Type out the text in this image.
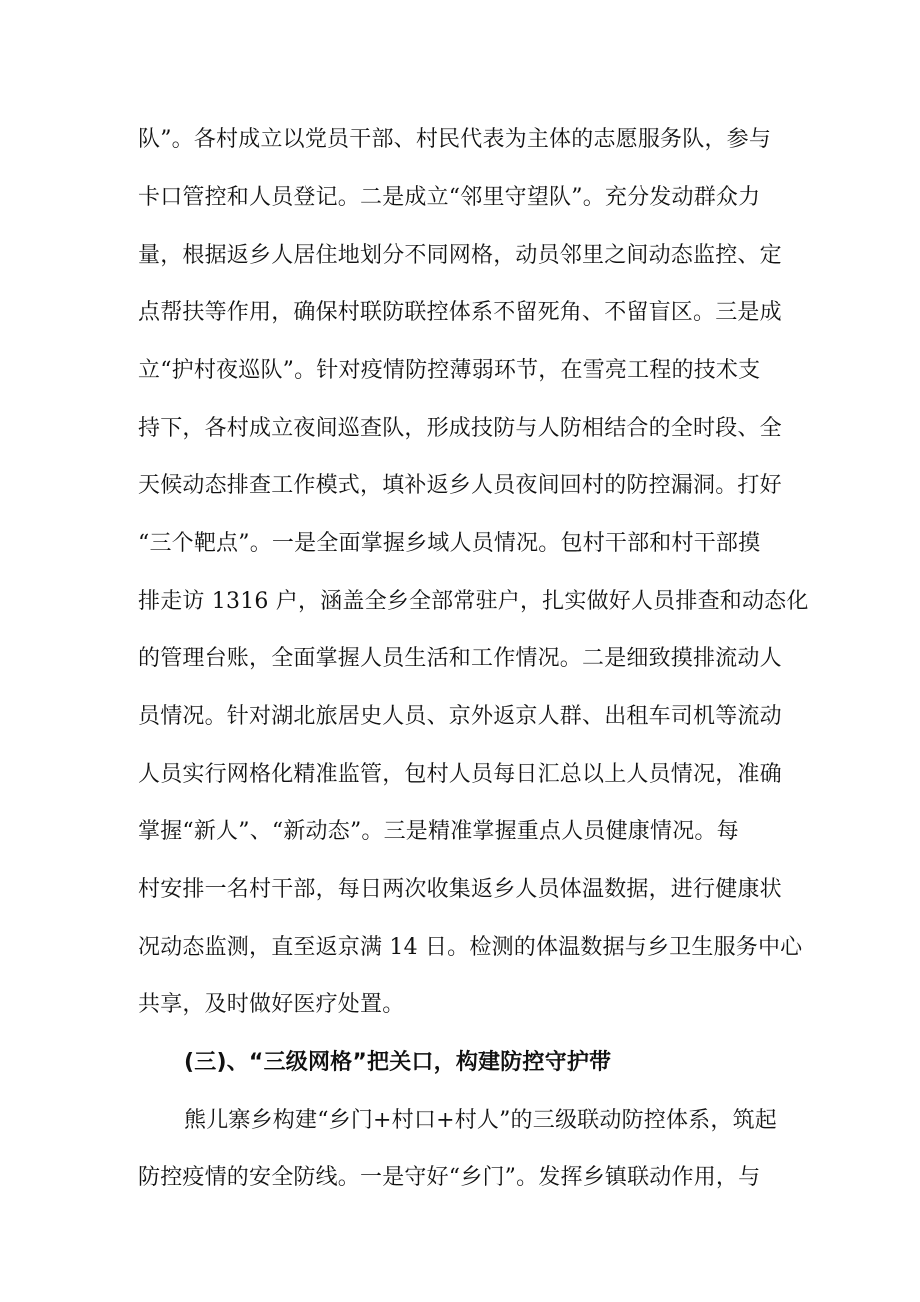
队”。各村成立以党员干部、村民代表为主体的志愿服务队，参与
卡口管控和人员登记。二是成立“邻里守望队”。充分发动群众力
量，根据返乡人居住地划分不同网格，动员邻里之间动态监控、定
点帮扶等作用，确保村联防联控体系不留死角、不留盲区。三是成
立“护村夜巡队”。针对疫情防控薄弱环节，在雪亮工程的技术支
持下，各村成立夜间巡查队，形成技防与人防相结合的全时段、全
天候动态排查工作模式，填补返乡人员夜间回村的防控漏洞。打好
“三个靶点”。一是全面掌握乡域人员情况。包村干部和村干部摸
排走访 1316 户，涵盖全乡全部常驻户，扎实做好人员排查和动态化
的管理台账，全面掌握人员生活和工作情况。二是细致摸排流动人
员情况。针对湖北旅居史人员、京外返京人群、出租车司机等流动
人员实行网格化精准监管，包村人员每日汇总以上人员情况，准确
掌握“新人”、“新动态”。三是精准掌握重点人员健康情况。每
村安排一名村干部，每日两次收集返乡人员体温数据，进行健康状
况动态监测，直至返京满 14 日。检测的体温数据与乡卫生服务中心
共享，及时做好医疗处置。
(三)、“三级网格”把关口，构建防控守护带
熊儿寨乡构建“乡门+村口+村人”的三级联动防控体系，筑起
防控疫情的安全防线。一是守好“乡门”。发挥乡镇联动作用，与
